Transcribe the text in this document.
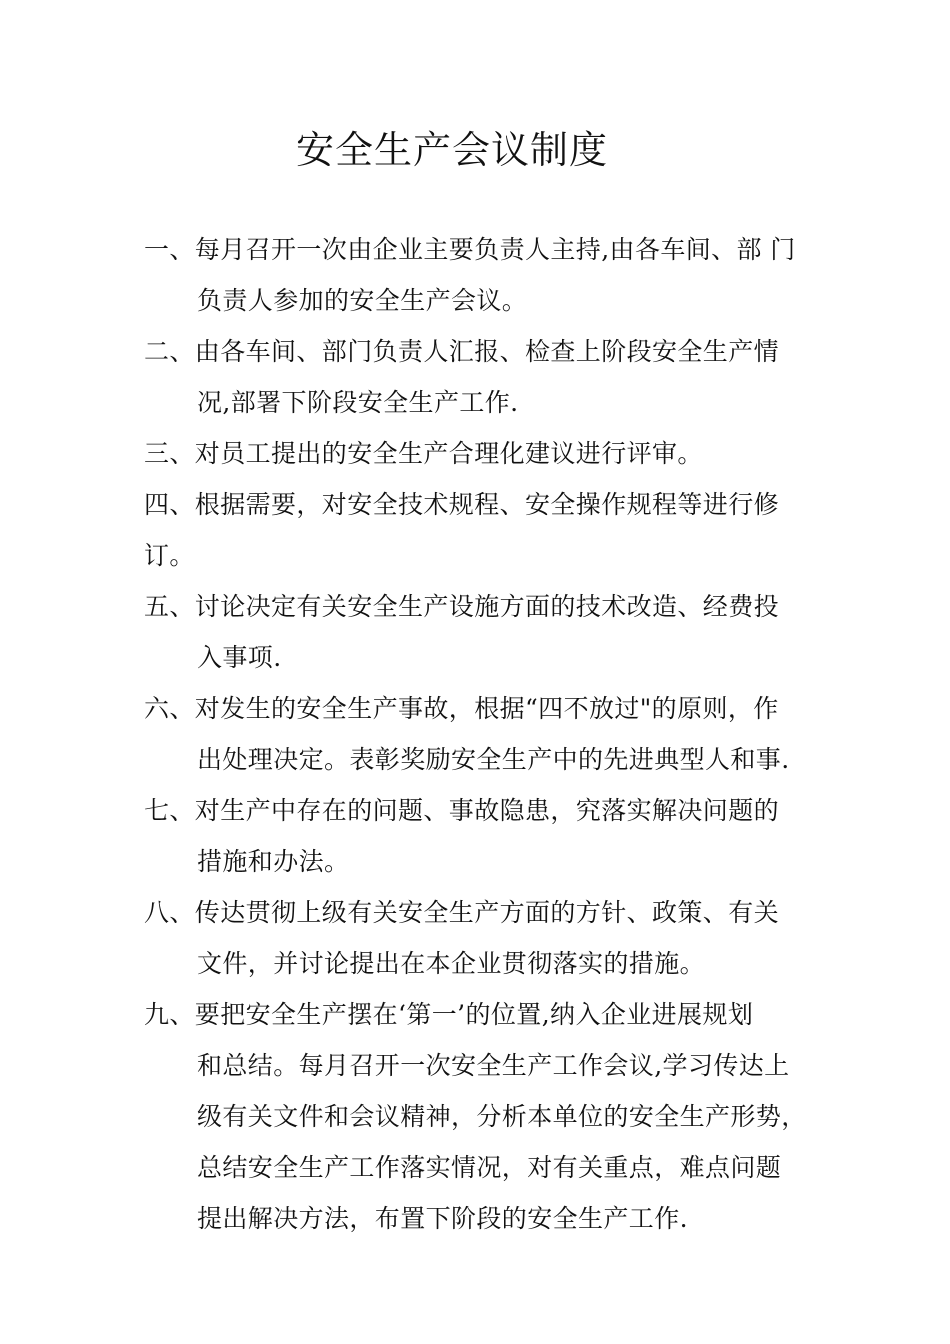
安全生产会议制度
一、每月召开一次由企业主要负责人主持,由各车间、部 门
负责人参加的安全生产会议。
二、由各车间、部门负责人汇报、检查上阶段安全生产情
况,部署下阶段安全生产工作.
三、对员工提出的安全生产合理化建议进行评审。
四、根据需要，对安全技术规程、安全操作规程等进行修
订。
五、讨论决定有关安全生产设施方面的技术改造、经费投
入事项.
六、对发生的安全生产事故，根据“四不放过"的原则，作
出处理决定。表彰奖励安全生产中的先进典型人和事.
七、对生产中存在的问题、事故隐患，究落实解决问题的
措施和办法。
八、传达贯彻上级有关安全生产方面的方针、政策、有关
文件，并讨论提出在本企业贯彻落实的措施。
九、要把安全生产摆在‘第一’的位置,纳入企业进展规划
和总结。每月召开一次安全生产工作会议,学习传达上
级有关文件和会议精神，分析本单位的安全生产形势，
总结安全生产工作落实情况，对有关重点，难点问题
提出解决方法，布置下阶段的安全生产工作.
